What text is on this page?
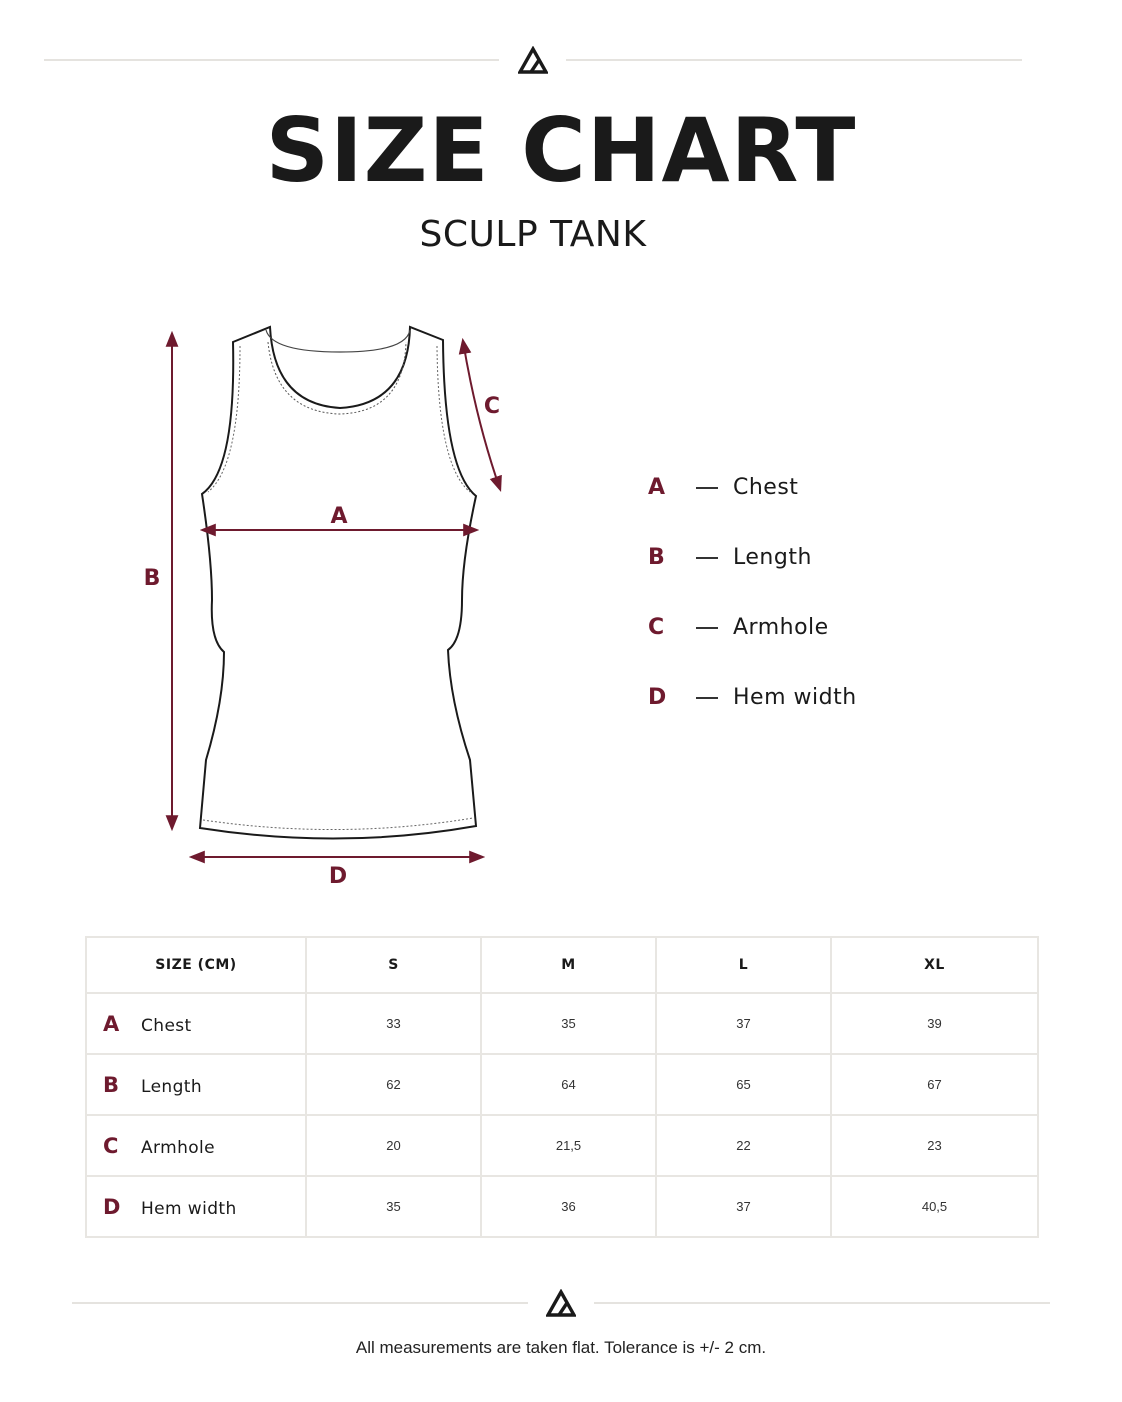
SIZE CHART
SCULP TANK
A
B
C
D
A	Chest
B	Length
C	Armhole
D	Hem width
SIZE (CM)	S	M	L	XL
A Chest	33	35	37	39
B Length	62	64	65	67
C Armhole	20	21,5	22	23
D Hem width	35	36	37	40,5
All measurements are taken flat. Tolerance is +/- 2 cm.
